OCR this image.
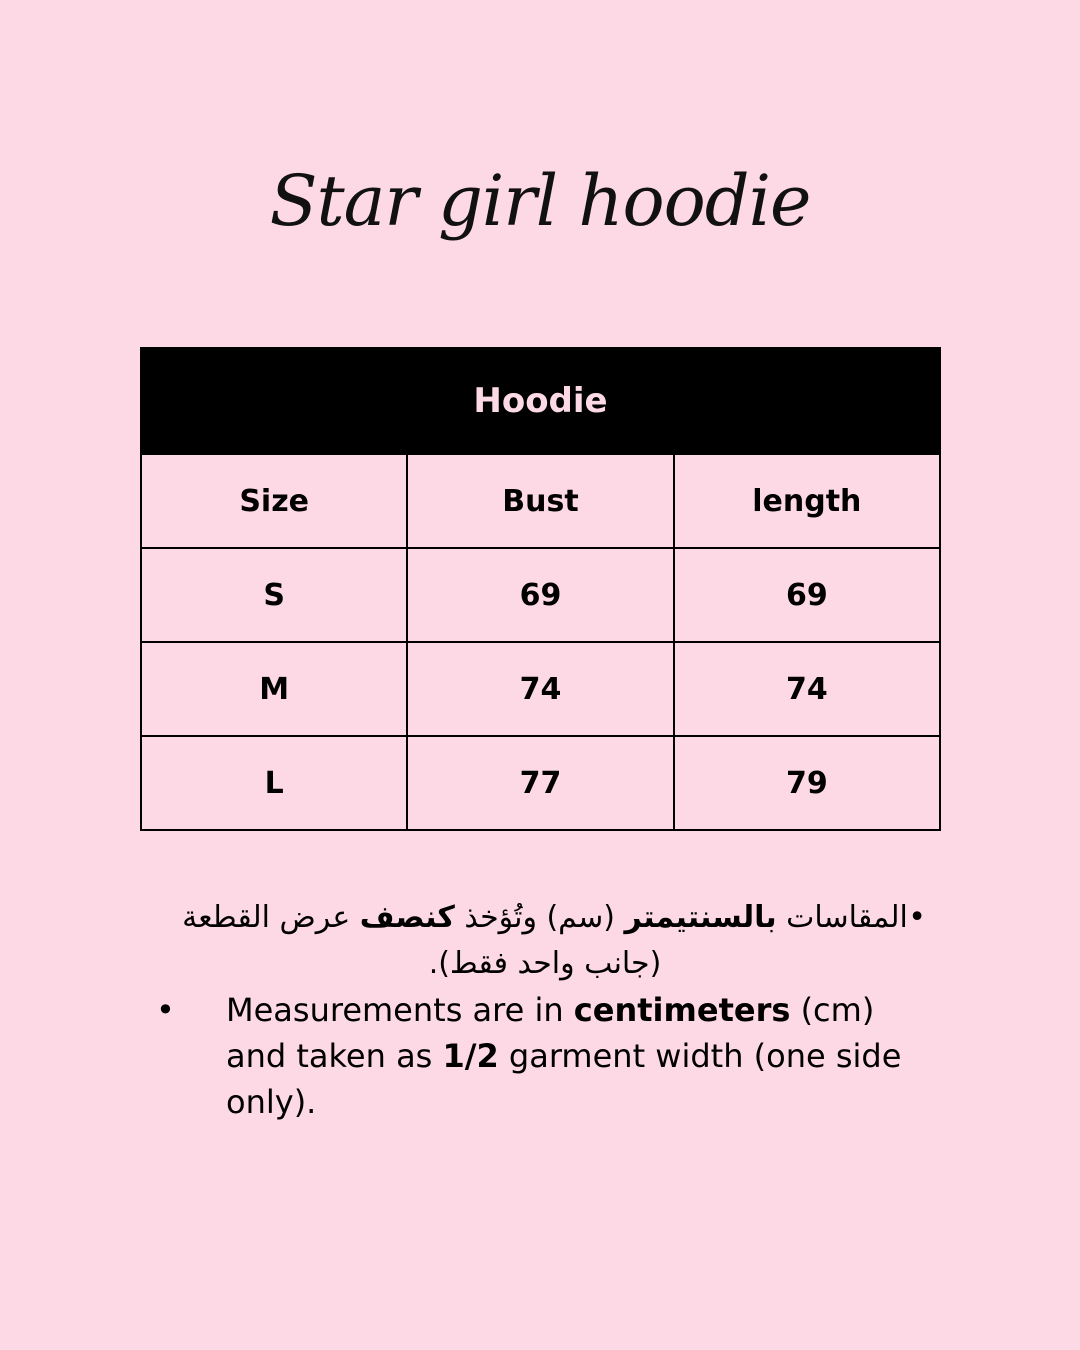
Star girl hoodie
Hoodie		
Size	Bust	length
S	69	69
M	74	74
L	77	79
•
المقاسات بالسنتيمتر (سم) وتُؤخذ كنصف عرض القطعة (جانب واحد فقط).
• Measurements are in centimeters (cm) and taken as 1/2 garment width (one side only).
